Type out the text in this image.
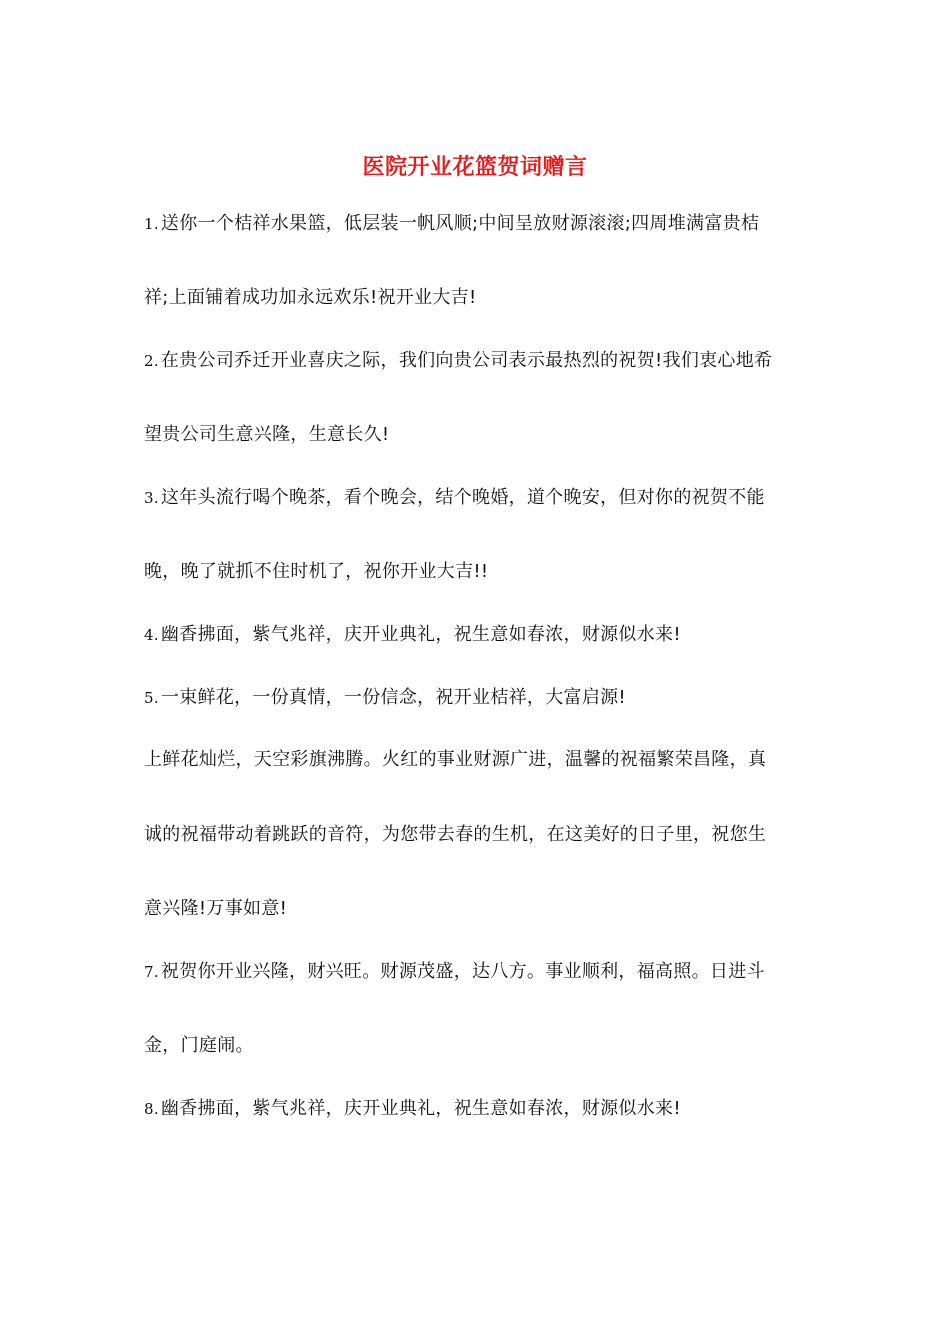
医院开业花篮贺词赠言
1. 送你一个桔祥水果篮，低层装一帆风顺;中间呈放财源滚滚;四周堆满富贵桔
祥;上面铺着成功加永远欢乐!祝开业大吉!
2. 在贵公司乔迁开业喜庆之际，我们向贵公司表示最热烈的祝贺!我们衷心地希
望贵公司生意兴隆，生意长久!
3. 这年头流行喝个晚茶，看个晚会，结个晚婚，道个晚安，但对你的祝贺不能
晚，晚了就抓不住时机了，祝你开业大吉!!
4. 幽香拂面，紫气兆祥，庆开业典礼，祝生意如春浓，财源似水来!
5. 一束鲜花，一份真情，一份信念，祝开业桔祥，大富启源!
上鲜花灿烂，天空彩旗沸腾。火红的事业财源广进，温馨的祝福繁荣昌隆，真
诚的祝福带动着跳跃的音符，为您带去春的生机，在这美好的日子里，祝您生
意兴隆!万事如意!
7. 祝贺你开业兴隆，财兴旺。财源茂盛，达八方。事业顺利，福高照。日进斗
金，门庭闹。
8. 幽香拂面，紫气兆祥，庆开业典礼，祝生意如春浓，财源似水来!
